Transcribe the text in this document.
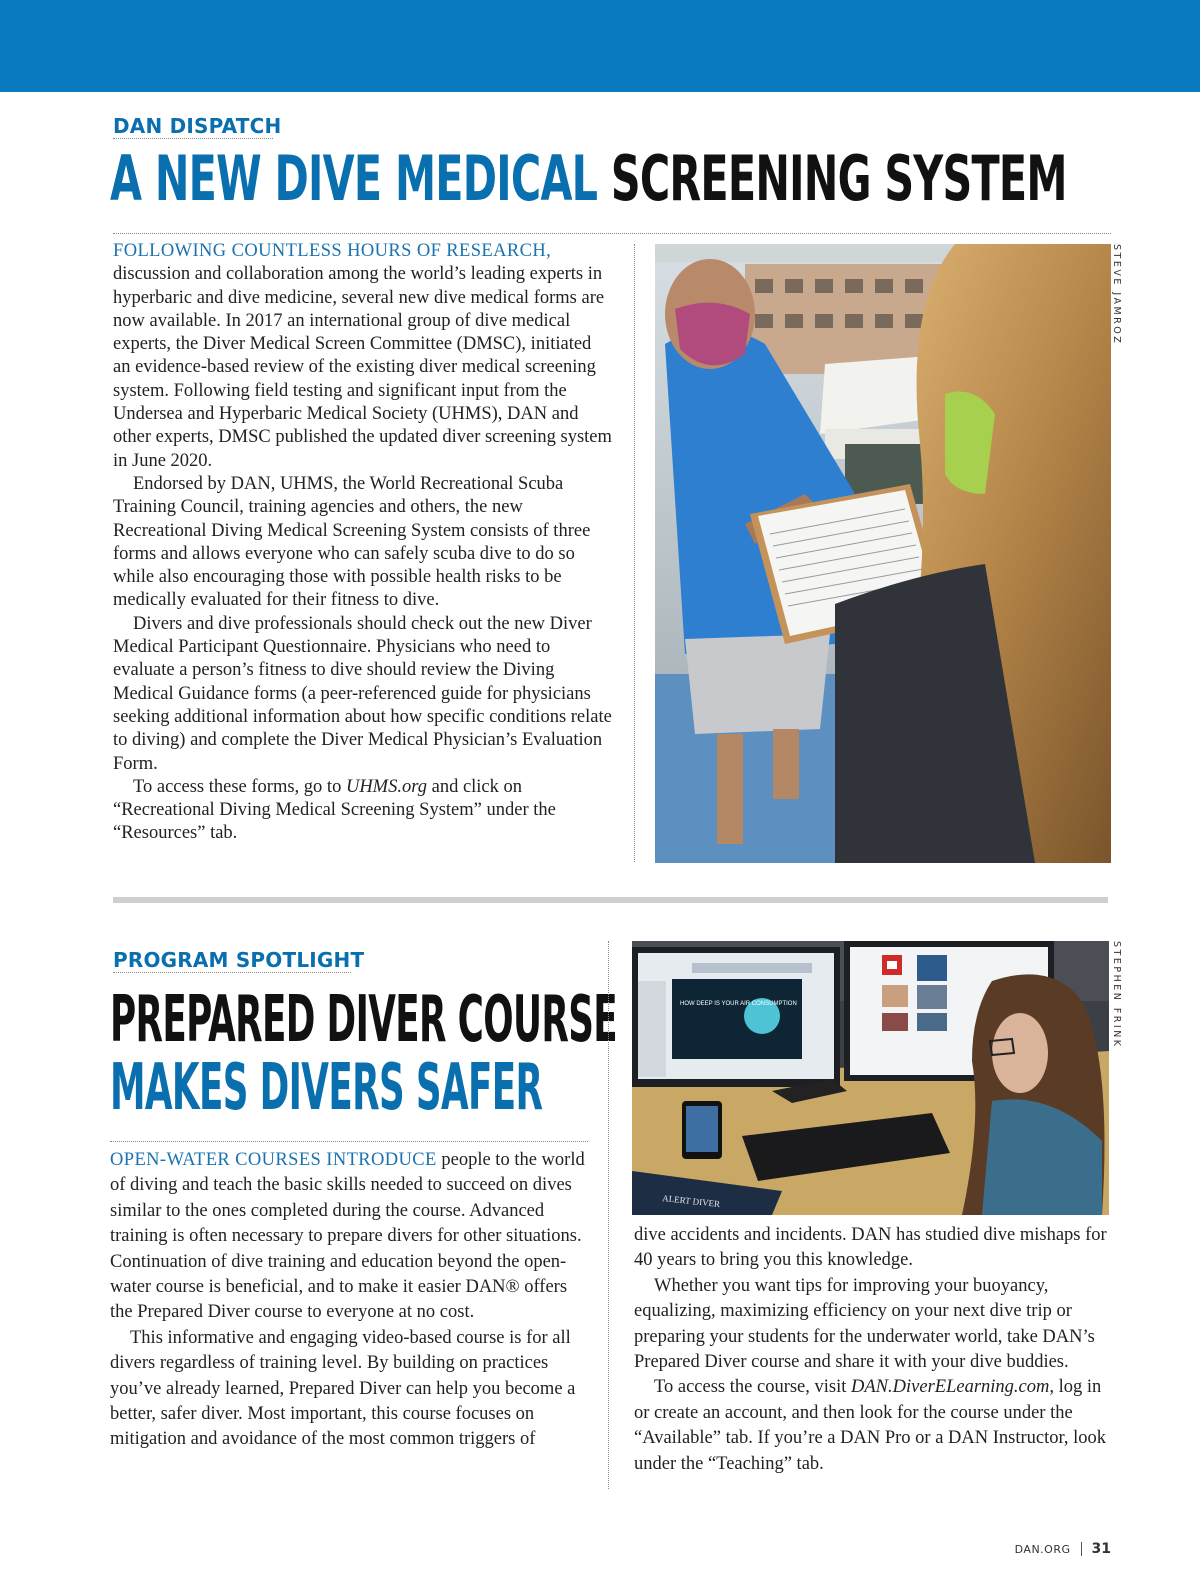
DAN DISPATCH
A NEW DIVE MEDICAL SCREENING SYSTEM

FOLLOWING COUNTLESS HOURS OF RESEARCH,
discussion and collaboration among the world’s leading experts in hyperbaric and dive medicine, several new dive medical forms are now available. In 2017 an international group of dive medical experts, the Diver Medical Screen Committee (DMSC), initiated an evidence-based review of the existing diver medical screening system. Following field testing and significant input from the Undersea and Hyperbaric Medical Society (UHMS), DAN and other experts, DMSC published the updated diver screening system in June 2020.

Endorsed by DAN, UHMS, the World Recreational Scuba Training Council, training agencies and others, the new Recreational Diving Medical Screening System consists of three forms and allows everyone who can safely scuba dive to do so while also encouraging those with possible health risks to be medically evaluated for their fitness to dive.

Divers and dive professionals should check out the new Diver Medical Participant Questionnaire. Physicians who need to evaluate a person’s fitness to dive should review the Diving Medical Guidance forms (a peer-referenced guide for physicians seeking additional information about how specific conditions relate to diving) and complete the Diver Medical Physician’s Evaluation Form.

To access these forms, go to UHMS.org and click on “Recreational Diving Medical Screening System” under the “Resources” tab.

STEVE JAMROZ
PROGRAM SPOTLIGHT
PREPARED DIVER COURSE
MAKES DIVERS SAFER

OPEN-WATER COURSES INTRODUCE people to the world of diving and teach the basic skills needed to succeed on dives similar to the ones completed during the course. Advanced training is often necessary to prepare divers for other situations. Continuation of dive training and education beyond the open-water course is beneficial, and to make it easier DAN® offers the Prepared Diver course to everyone at no cost.

This informative and engaging video-based course is for all divers regardless of training level. By building on practices you’ve already learned, Prepared Diver can help you become a better, safer diver. Most important, this course focuses on mitigation and avoidance of the most common triggers of

HOW DEEP IS YOUR AIR CONSUMPTION
ALERT DIVER
STEPHEN FRINK

dive accidents and incidents. DAN has studied dive mishaps for 40 years to bring you this knowledge.

Whether you want tips for improving your buoyancy, equalizing, maximizing efficiency on your next dive trip or preparing your students for the underwater world, take DAN’s Prepared Diver course and share it with your dive buddies.

To access the course, visit DAN.DiverELearning.com, log in or create an account, and then look for the course under the “Available” tab. If you’re a DAN Pro or a DAN Instructor, look under the “Teaching” tab.

DAN.ORG 31
